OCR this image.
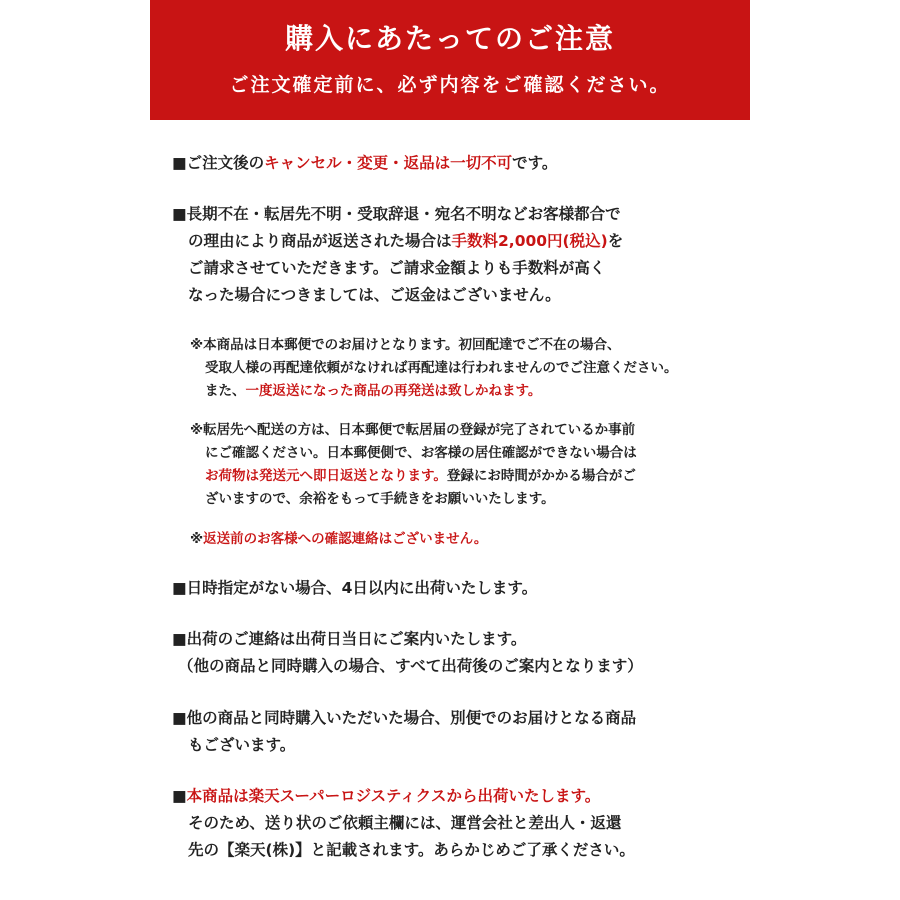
購入にあたってのご注意
ご注文確定前に、必ず内容をご確認ください。
■ご注文後のキャンセル・変更・返品は一切不可です。
■長期不在・転居先不明・受取辞退・宛名不明などお客様都合で
の理由により商品が返送された場合は手数料2,000円(税込)を
ご請求させていただきます。ご請求金額よりも手数料が高く
なった場合につきましては、ご返金はございません。
※本商品は日本郵便でのお届けとなります。初回配達でご不在の場合、
受取人様の再配達依頼がなければ再配達は行われませんのでご注意ください。
また、一度返送になった商品の再発送は致しかねます。
※転居先へ配送の方は、日本郵便で転居届の登録が完了されているか事前
にご確認ください。日本郵便側で、お客様の居住確認ができない場合は
お荷物は発送元へ即日返送となります。登録にお時間がかかる場合がご
ざいますので、余裕をもって手続きをお願いいたします。
※返送前のお客様への確認連絡はございません。
■日時指定がない場合、4日以内に出荷いたします。
■出荷のご連絡は出荷日当日にご案内いたします。
（他の商品と同時購入の場合、すべて出荷後のご案内となります）
■他の商品と同時購入いただいた場合、別便でのお届けとなる商品
もございます。
■本商品は楽天スーパーロジスティクスから出荷いたします。
そのため、送り状のご依頼主欄には、運営会社と差出人・返還
先の【楽天(株)】と記載されます。あらかじめご了承ください。
